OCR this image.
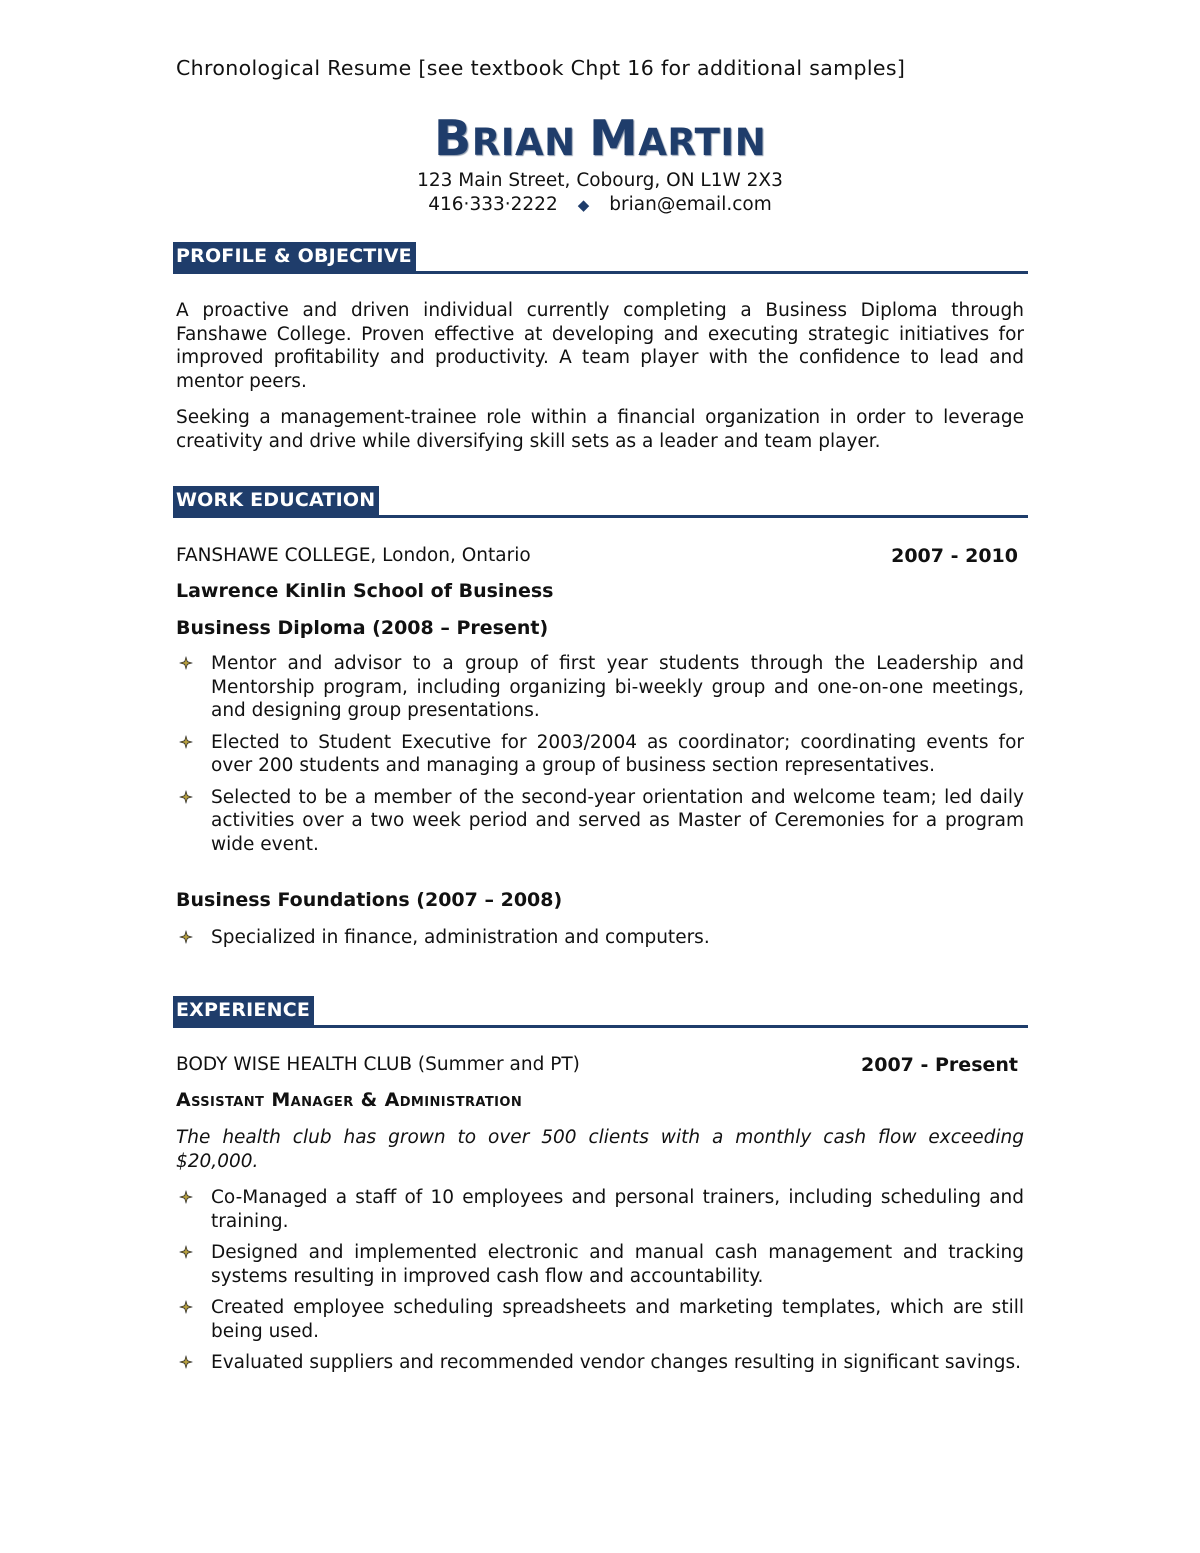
Chronological Resume [see textbook Chpt 16 for additional samples]
BRIAN MARTIN
123 Main Street, Cobourg, ON L1W 2X3
416·333·2222 ◆ brian@email.com
PROFILE & OBJECTIVE

A proactive and driven individual currently completing a Business Diploma through Fanshawe College. Proven effective at developing and executing strategic initiatives for improved profitability and productivity. A team player with the confidence to lead and mentor peers.

Seeking a management-trainee role within a financial organization in order to leverage creativity and drive while diversifying skill sets as a leader and team player.

WORK EDUCATION
FANSHAWE COLLEGE, London, Ontario	2007 - 2010
Lawrence Kinlin School of Business
Business Diploma (2008 – Present)
Mentor and advisor to a group of first year students through the Leadership and Mentorship program, including organizing bi-weekly group and one-on-one meetings, and designing group presentations.
Elected to Student Executive for 2003/2004 as coordinator; coordinating events for over 200 students and managing a group of business section representatives.
Selected to be a member of the second-year orientation and welcome team; led daily activities over a two week period and served as Master of Ceremonies for a program wide event.
Business Foundations (2007 – 2008)
Specialized in finance, administration and computers.
EXPERIENCE
BODY WISE HEALTH CLUB (Summer and PT)	2007 - Present
Assistant Manager & Administration

The health club has grown to over 500 clients with a monthly cash flow exceeding $20,000.

Co-Managed a staff of 10 employees and personal trainers, including scheduling and training.
Designed and implemented electronic and manual cash management and tracking systems resulting in improved cash flow and accountability.
Created employee scheduling spreadsheets and marketing templates, which are still being used.
Evaluated suppliers and recommended vendor changes resulting in significant savings.
